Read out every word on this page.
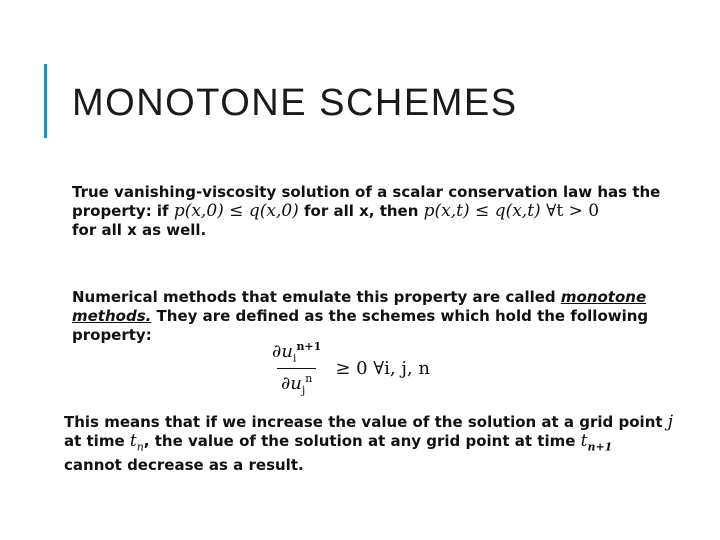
MONOTONE SCHEMES
True vanishing-viscosity solution of a scalar conservation law has the
property: if p(x,0) ≤ q(x,0) for all x, then p(x,t) ≤ q(x,t) ∀t > 0
for all x as well.
Numerical methods that emulate this property are called monotone
methods. They are defined as the schemes which hold the following
property:
$\frac{\partial u_i^{n+1}}{\partial u_j^n} \ge 0$ ∀i, j, n
This means that if we increase the value of the solution at a grid point j
at time $t_n$, the value of the solution at any grid point at time $t_{n+1}$
cannot decrease as a result.
